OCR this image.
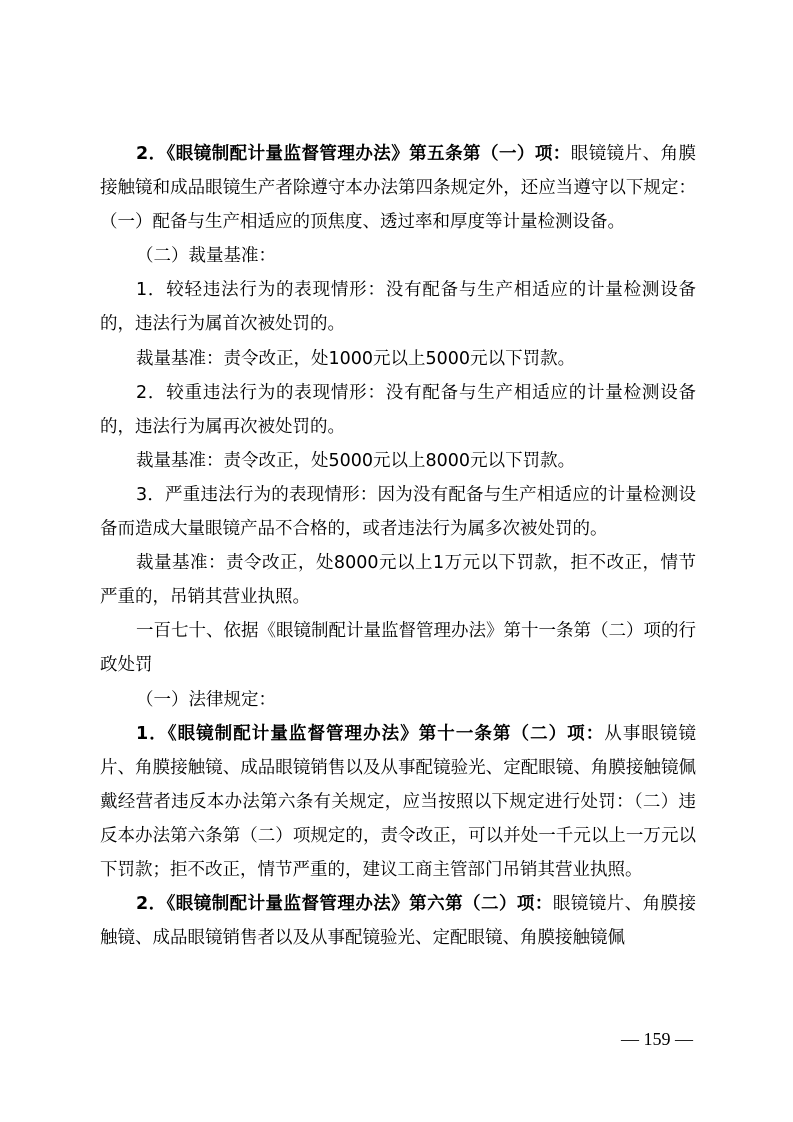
2．《眼镜制配计量监督管理办法》第五条第（一）项：眼镜镜片、角膜接触镜和成品眼镜生产者除遵守本办法第四条规定外，还应当遵守以下规定：（一）配备与生产相适应的顶焦度、透过率和厚度等计量检测设备。

（二）裁量基准：

1．较轻违法行为的表现情形：没有配备与生产相适应的计量检测设备的，违法行为属首次被处罚的。

裁量基准：责令改正，处1000元以上5000元以下罚款。

2．较重违法行为的表现情形：没有配备与生产相适应的计量检测设备的，违法行为属再次被处罚的。

裁量基准：责令改正，处5000元以上8000元以下罚款。

3．严重违法行为的表现情形：因为没有配备与生产相适应的计量检测设备而造成大量眼镜产品不合格的，或者违法行为属多次被处罚的。

裁量基准：责令改正，处8000元以上1万元以下罚款，拒不改正，情节严重的，吊销其营业执照。

一百七十、依据《眼镜制配计量监督管理办法》第十一条第（二）项的行政处罚

（一）法律规定：

1．《眼镜制配计量监督管理办法》第十一条第（二）项：从事眼镜镜片、角膜接触镜、成品眼镜销售以及从事配镜验光、定配眼镜、角膜接触镜佩戴经营者违反本办法第六条有关规定，应当按照以下规定进行处罚：（二）违反本办法第六条第（二）项规定的，责令改正，可以并处一千元以上一万元以下罚款；拒不改正，情节严重的，建议工商主管部门吊销其营业执照。

2．《眼镜制配计量监督管理办法》第六第（二）项：眼镜镜片、角膜接触镜、成品眼镜销售者以及从事配镜验光、定配眼镜、角膜接触镜佩

— 159 —
